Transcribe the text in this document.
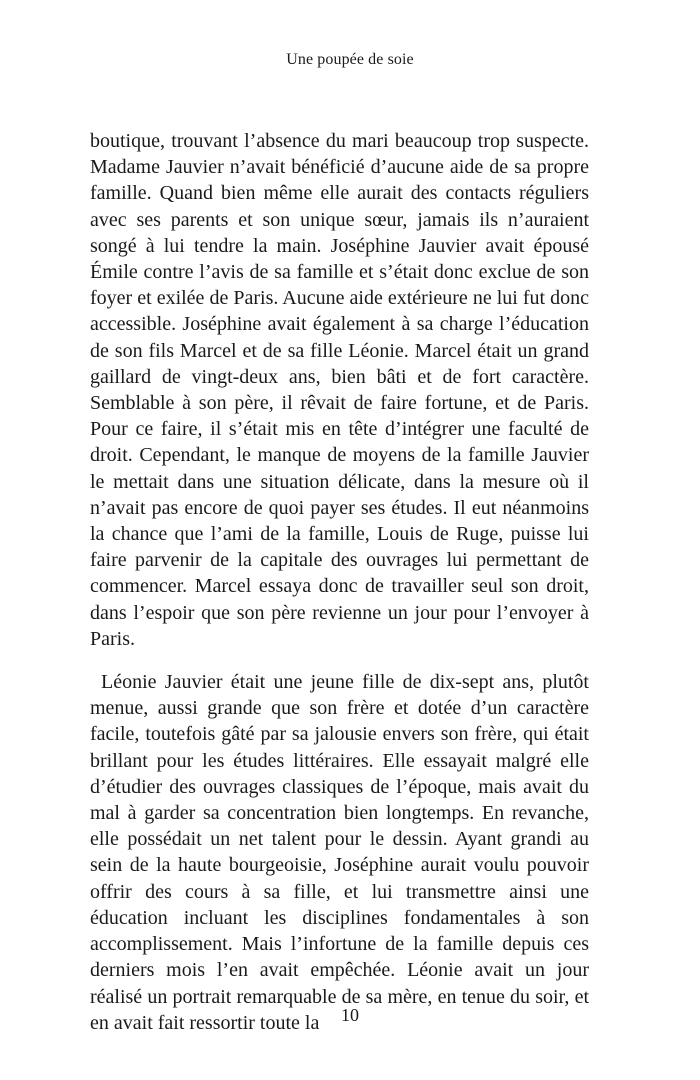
Une poupée de soie

boutique, trouvant l’absence du mari beaucoup trop suspecte. Madame Jauvier n’avait bénéficié d’aucune aide de sa propre famille. Quand bien même elle aurait des contacts réguliers avec ses parents et son unique sœur, jamais ils n’auraient songé à lui tendre la main. Joséphine Jauvier avait épousé Émile contre l’avis de sa famille et s’était donc exclue de son foyer et exilée de Paris. Aucune aide extérieure ne lui fut donc accessible. Joséphine avait également à sa charge l’éducation de son fils Marcel et de sa fille Léonie. Marcel était un grand gaillard de vingt-deux ans, bien bâti et de fort caractère. Semblable à son père, il rêvait de faire fortune, et de Paris. Pour ce faire, il s’était mis en tête d’intégrer une faculté de droit. Cependant, le manque de moyens de la famille Jauvier le mettait dans une situation délicate, dans la mesure où il n’avait pas encore de quoi payer ses études. Il eut néanmoins la chance que l’ami de la famille, Louis de Ruge, puisse lui faire parvenir de la capitale des ouvrages lui permettant de commencer. Marcel essaya donc de travailler seul son droit, dans l’espoir que son père revienne un jour pour l’envoyer à Paris.

Léonie Jauvier était une jeune fille de dix-sept ans, plutôt menue, aussi grande que son frère et dotée d’un caractère facile, toutefois gâté par sa jalousie envers son frère, qui était brillant pour les études littéraires. Elle essayait malgré elle d’étudier des ouvrages classiques de l’époque, mais avait du mal à garder sa concentration bien longtemps. En revanche, elle possédait un net talent pour le dessin. Ayant grandi au sein de la haute bourgeoisie, Joséphine aurait voulu pouvoir offrir des cours à sa fille, et lui transmettre ainsi une éducation incluant les disciplines fondamentales à son accomplissement. Mais l’infortune de la famille depuis ces derniers mois l’en avait empêchée. Léonie avait un jour réalisé un portrait remarquable de sa mère, en tenue du soir, et en avait fait ressortir toute la	10
